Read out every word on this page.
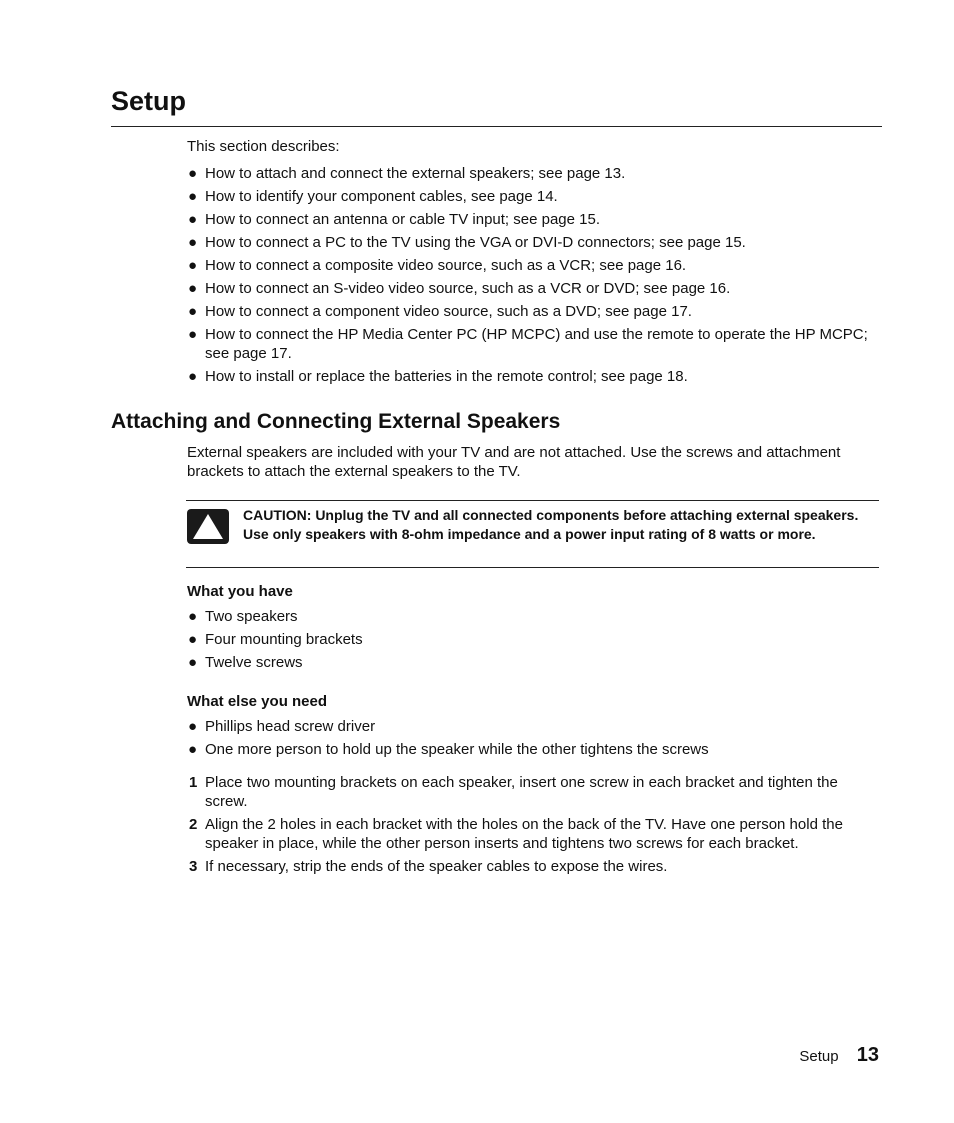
Setup
This section describes:
● How to attach and connect the external speakers; see page 13.
● How to identify your component cables, see page 14.
● How to connect an antenna or cable TV input; see page 15.
● How to connect a PC to the TV using the VGA or DVI-D connectors; see page 15.
● How to connect a composite video source, such as a VCR; see page 16.
● How to connect an S-video video source, such as a VCR or DVD; see page 16.
● How to connect a component video source, such as a DVD; see page 17.
● How to connect the HP Media Center PC (HP MCPC) and use the remote to operate the HP MCPC; see page 17.
● How to install or replace the batteries in the remote control; see page 18.
Attaching and Connecting External Speakers
External speakers are included with your TV and are not attached. Use the screws and attachment brackets to attach the external speakers to the TV.
CAUTION: Unplug the TV and all connected components before attaching external speakers. Use only speakers with 8-ohm impedance and a power input rating of 8 watts or more.
What you have
● Two speakers
● Four mounting brackets
● Twelve screws
What else you need
● Phillips head screw driver
● One more person to hold up the speaker while the other tightens the screws
1 Place two mounting brackets on each speaker, insert one screw in each bracket and tighten the screw.
2 Align the 2 holes in each bracket with the holes on the back of the TV. Have one person hold the speaker in place, while the other person inserts and tightens two screws for each bracket.
3 If necessary, strip the ends of the speaker cables to expose the wires.
Setup 13
